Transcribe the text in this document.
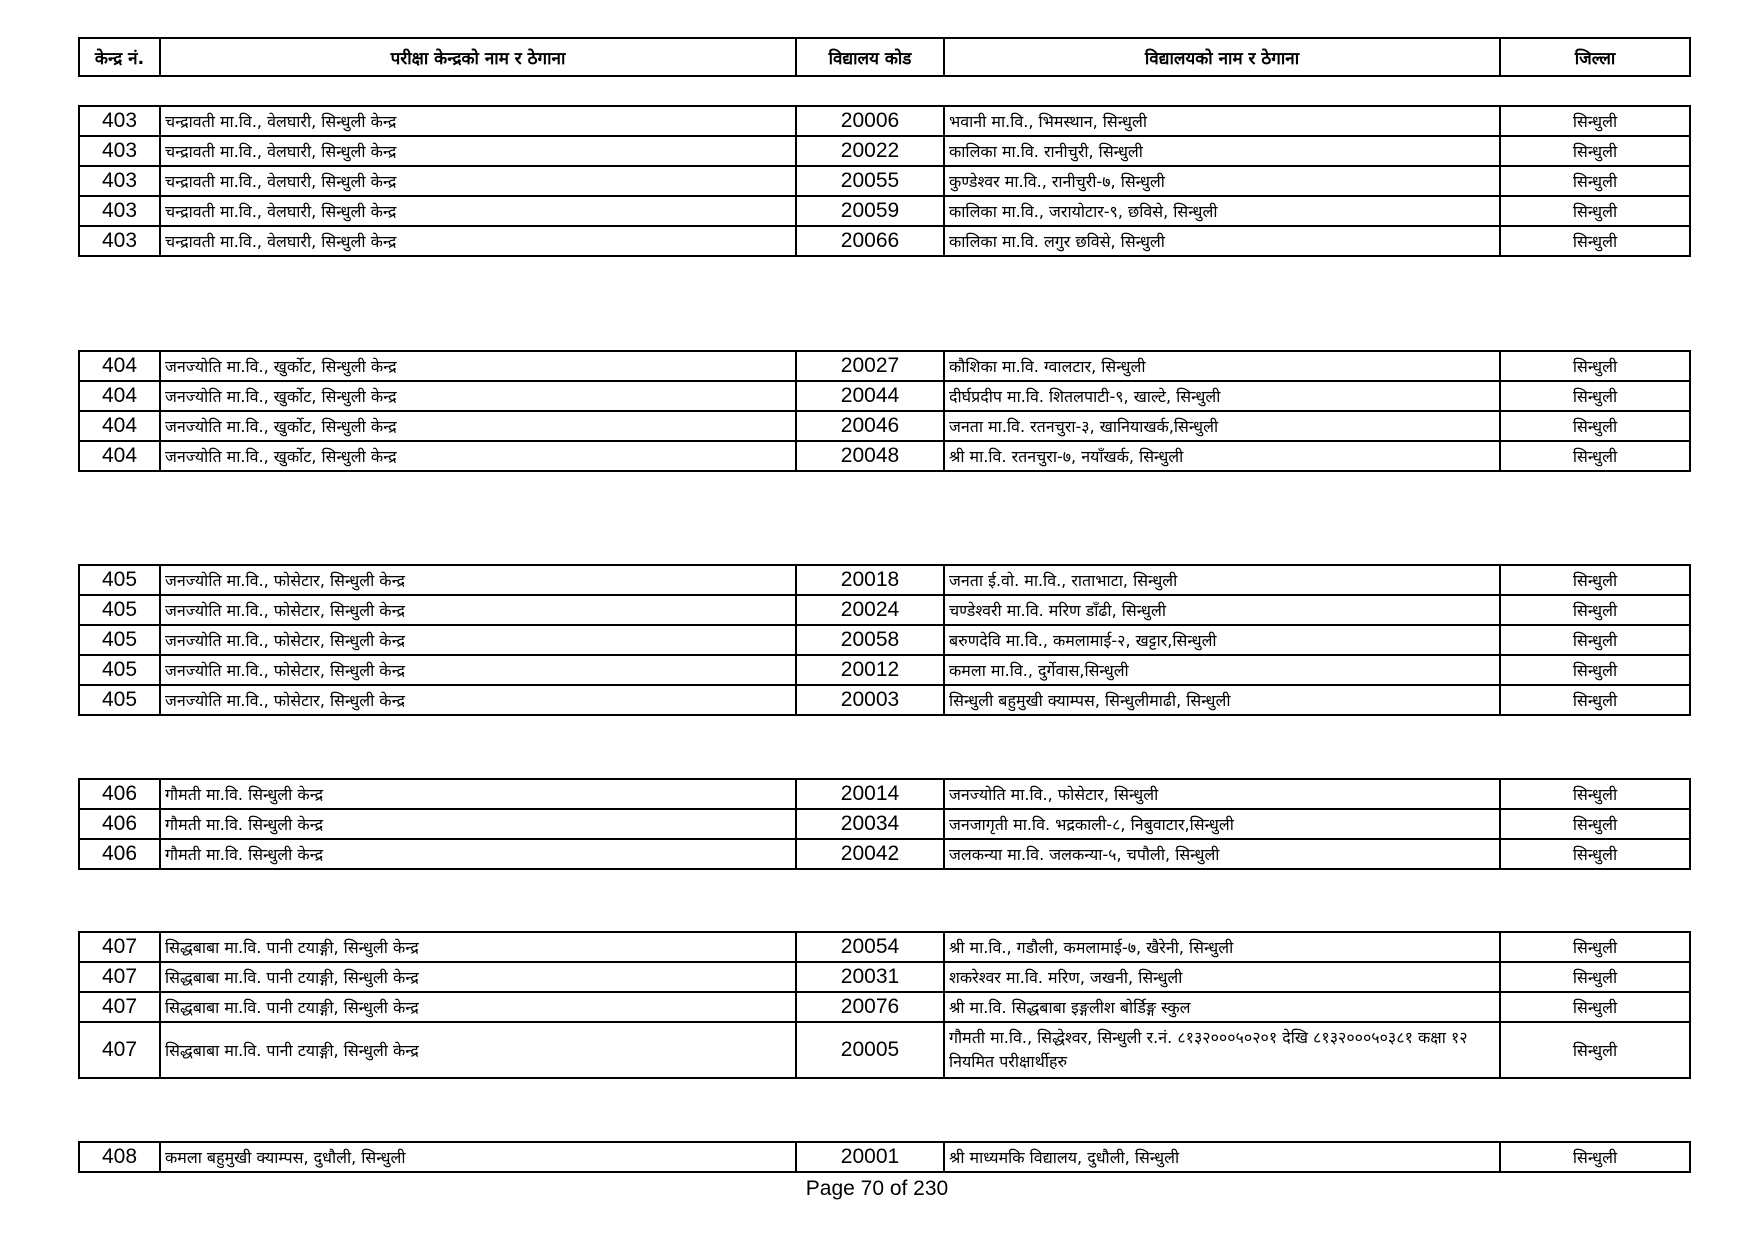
केन्द्र नं.	परीक्षा केन्द्रको नाम र ठेगाना	विद्यालय कोड	विद्यालयको नाम र ठेगाना	जिल्ला
403	चन्द्रावती मा.वि., वेलघारी, सिन्धुली केन्द्र	20006	भवानी मा.वि., भिमस्थान, सिन्धुली	सिन्धुली
403	चन्द्रावती मा.वि., वेलघारी, सिन्धुली केन्द्र	20022	कालिका मा.वि. रानीचुरी, सिन्धुली	सिन्धुली
403	चन्द्रावती मा.वि., वेलघारी, सिन्धुली केन्द्र	20055	कुण्डेश्वर मा.वि., रानीचुरी-७, सिन्धुली	सिन्धुली
403	चन्द्रावती मा.वि., वेलघारी, सिन्धुली केन्द्र	20059	कालिका मा.वि., जरायोटार-९, छविसे, सिन्धुली	सिन्धुली
403	चन्द्रावती मा.वि., वेलघारी, सिन्धुली केन्द्र	20066	कालिका मा.वि. लगुर छविसे, सिन्धुली	सिन्धुली
404	जनज्योति मा.वि., खुर्कोट, सिन्धुली केन्द्र	20027	कौशिका मा.वि. ग्वालटार, सिन्धुली	सिन्धुली
404	जनज्योति मा.वि., खुर्कोट, सिन्धुली केन्द्र	20044	दीर्घप्रदीप मा.वि. शितलपाटी-९, खाल्टे, सिन्धुली	सिन्धुली
404	जनज्योति मा.वि., खुर्कोट, सिन्धुली केन्द्र	20046	जनता मा.वि. रतनचुरा-३, खानियाखर्क,सिन्धुली	सिन्धुली
404	जनज्योति मा.वि., खुर्कोट, सिन्धुली केन्द्र	20048	श्री मा.वि. रतनचुरा-७, नयाँखर्क, सिन्धुली	सिन्धुली
405	जनज्योति मा.वि., फोसेटार, सिन्धुली केन्द्र	20018	जनता ई.वो. मा.वि., राताभाटा, सिन्धुली	सिन्धुली
405	जनज्योति मा.वि., फोसेटार, सिन्धुली केन्द्र	20024	चण्डेश्वरी मा.वि. मरिण डाँढी, सिन्धुली	सिन्धुली
405	जनज्योति मा.वि., फोसेटार, सिन्धुली केन्द्र	20058	बरुणदेवि मा.वि., कमलामाई-२, खट्टार,सिन्धुली	सिन्धुली
405	जनज्योति मा.वि., फोसेटार, सिन्धुली केन्द्र	20012	कमला मा.वि., दुर्गेवास,सिन्धुली	सिन्धुली
405	जनज्योति मा.वि., फोसेटार, सिन्धुली केन्द्र	20003	सिन्धुली बहुमुखी क्याम्पस, सिन्धुलीमाढी, सिन्धुली	सिन्धुली
406	गौमती मा.वि. सिन्धुली केन्द्र	20014	जनज्योति मा.वि., फोसेटार, सिन्धुली	सिन्धुली
406	गौमती मा.वि. सिन्धुली केन्द्र	20034	जनजागृती मा.वि. भद्रकाली-८, निबुवाटार,सिन्धुली	सिन्धुली
406	गौमती मा.वि. सिन्धुली केन्द्र	20042	जलकन्या मा.वि. जलकन्या-५, चपौली, सिन्धुली	सिन्धुली
407	सिद्धबाबा मा.वि. पानी टयाङ्गी, सिन्धुली केन्द्र	20054	श्री मा.वि., गडौली, कमलामाई-७, खैरेनी, सिन्धुली	सिन्धुली
407	सिद्धबाबा मा.वि. पानी टयाङ्गी, सिन्धुली केन्द्र	20031	शकरेश्वर मा.वि. मरिण, जखनी, सिन्धुली	सिन्धुली
407	सिद्धबाबा मा.वि. पानी टयाङ्गी, सिन्धुली केन्द्र	20076	श्री मा.वि. सिद्धबाबा इङ्गलीश बोर्डिङ्ग स्कुल	सिन्धुली
407	सिद्धबाबा मा.वि. पानी टयाङ्गी, सिन्धुली केन्द्र	20005	गौमती मा.वि., सिद्धेश्वर, सिन्धुली र.नं. ८१३२०००५०२०१ देखि ८१३२०००५०३८१ कक्षा १२ नियमित परीक्षार्थीहरु	सिन्धुली
408	कमला बहुमुखी क्याम्पस, दुधौली, सिन्धुली	20001	श्री माध्यमकि विद्यालय, दुधौली, सिन्धुली	सिन्धुली
Page 70 of 230
